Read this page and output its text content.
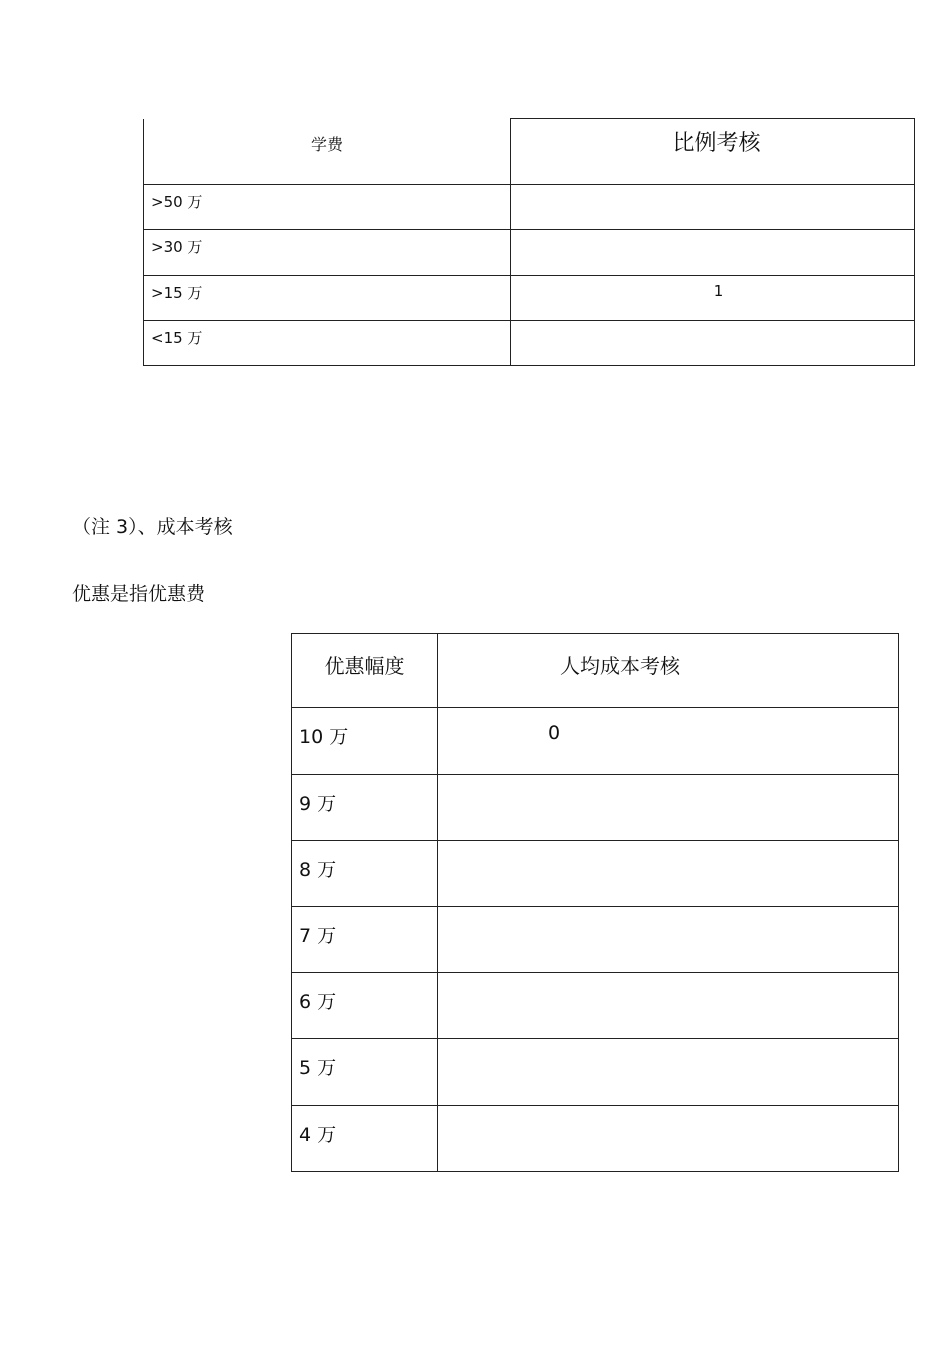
学费	比例考核
>50 万	
>30 万	
>15 万	1
<15 万	
（注 3）、成本考核
优惠是指优惠费
优惠幅度	人均成本考核
10 万	0
9 万	
8 万	
7 万	
6 万	
5 万	
4 万	
